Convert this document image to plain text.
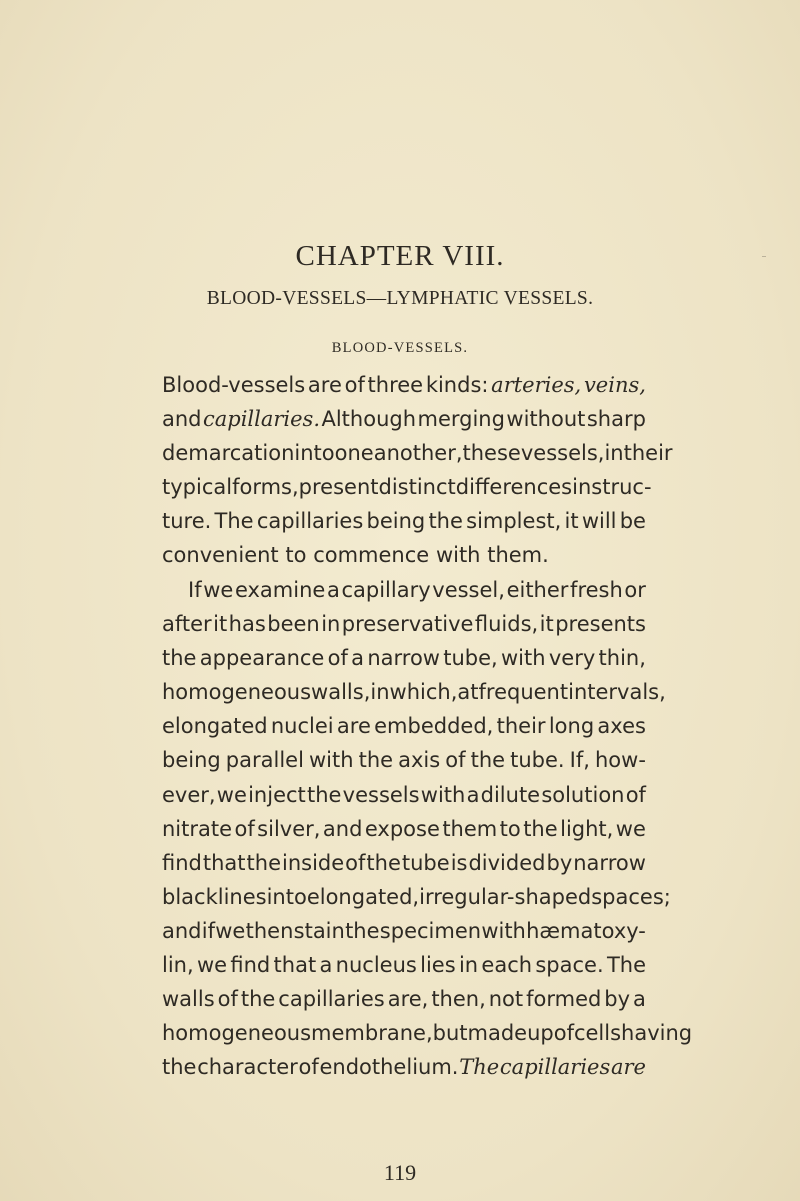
CHAPTER VIII.
BLOOD-VESSELS—LYMPHATIC VESSELS.
BLOOD-VESSELS.
Blood-vessels are of three kinds: arteries, veins,
and capillaries. Although merging without sharp
demarcation into one another, these vessels, in their
typical forms, present distinct differences in struc-
ture. The capillaries being the simplest, it will be
convenient to commence with them.
If we examine a capillary vessel, either fresh or
after it has been in preservative fluids, it presents
the appearance of a narrow tube, with very thin,
homogeneous walls, in which, at frequent intervals,
elongated nuclei are embedded, their long axes
being parallel with the axis of the tube. If, how-
ever, we inject the vessels with a dilute solution of
nitrate of silver, and expose them to the light, we
find that the inside of the tube is divided by narrow
black lines into elongated, irregular-shaped spaces ;
and if we then stain the specimen with hæmatoxy-
lin, we find that a nucleus lies in each space. The
walls of the capillaries are, then, not formed by a
homogeneous membrane, but made up of cells having
the character of endothelium. The capillaries are
119
